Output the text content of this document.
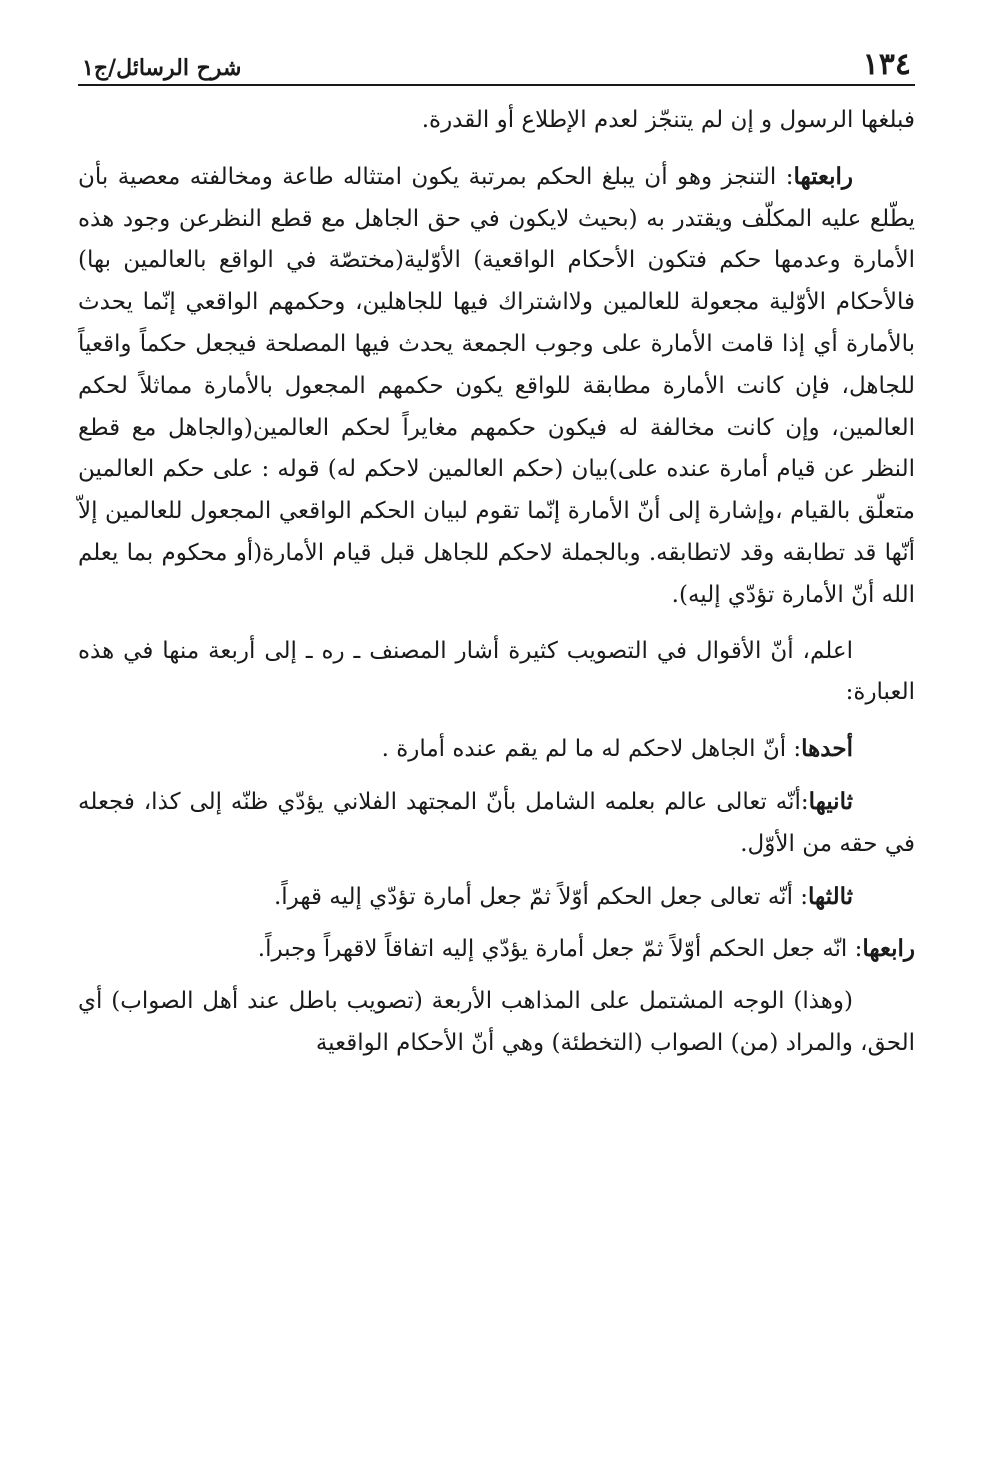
١٣٤
شرح الرسائل/ج١

فبلغها الرسول و إن لم يتنجّز لعدم الإطلاع أو القدرة.

رابعتها: التنجز وهو أن يبلغ الحكم بمرتبة يكون امتثاله طاعة ومخالفته معصية بأن يطّلع عليه المكلّف ويقتدر به (بحيث لايكون في حق الجاهل مع قطع النظرعن وجود هذه الأمارة وعدمها حكم فتكون الأحكام الواقعية) الأوّلية(مختصّة في الواقع بالعالمين بها) فالأحكام الأوّلية مجعولة للعالمين ولااشتراك فيها للجاهلين، وحكمهم الواقعي إنّما يحدث بالأمارة أي إذا قامت الأمارة على وجوب الجمعة يحدث فيها المصلحة فيجعل حكماً واقعياً للجاهل، فإن كانت الأمارة مطابقة للواقع يكون حكمهم المجعول بالأمارة مماثلاً لحكم العالمين، وإن كانت مخالفة له فيكون حكمهم مغايراً لحكم العالمين(والجاهل مع قطع النظر عن قيام أمارة عنده على)بيان (حكم العالمين لاحكم له) قوله : على حكم العالمين متعلّق بالقيام ،وإشارة إلى أنّ الأمارة إنّما تقوم لبيان الحكم الواقعي المجعول للعالمين إلاّ أنّها قد تطابقه وقد لاتطابقه. وبالجملة لاحكم للجاهل قبل قيام الأمارة(أو محكوم بما يعلم الله أنّ الأمارة تؤدّي إليه).

اعلم، أنّ الأقوال في التصويب كثيرة أشار المصنف ـ ره ـ إلى أربعة منها في هذه العبارة:

أحدها: أنّ الجاهل لاحكم له ما لم يقم عنده أمارة .

ثانيها:أنّه تعالى عالم بعلمه الشامل بأنّ المجتهد الفلاني يؤدّي ظنّه إلى كذا، فجعله في حقه من الأوّل.

ثالثها: أنّه تعالى جعل الحكم أوّلاً ثمّ جعل أمارة تؤدّي إليه قهراً.

رابعها: انّه جعل الحكم أوّلاً ثمّ جعل أمارة يؤدّي إليه اتفاقاً لاقهراً وجبراً.

(وهذا) الوجه المشتمل على المذاهب الأربعة (تصويب باطل عند أهل الصواب) أي الحق، والمراد (من) الصواب (التخطئة) وهي أنّ الأحكام الواقعية
